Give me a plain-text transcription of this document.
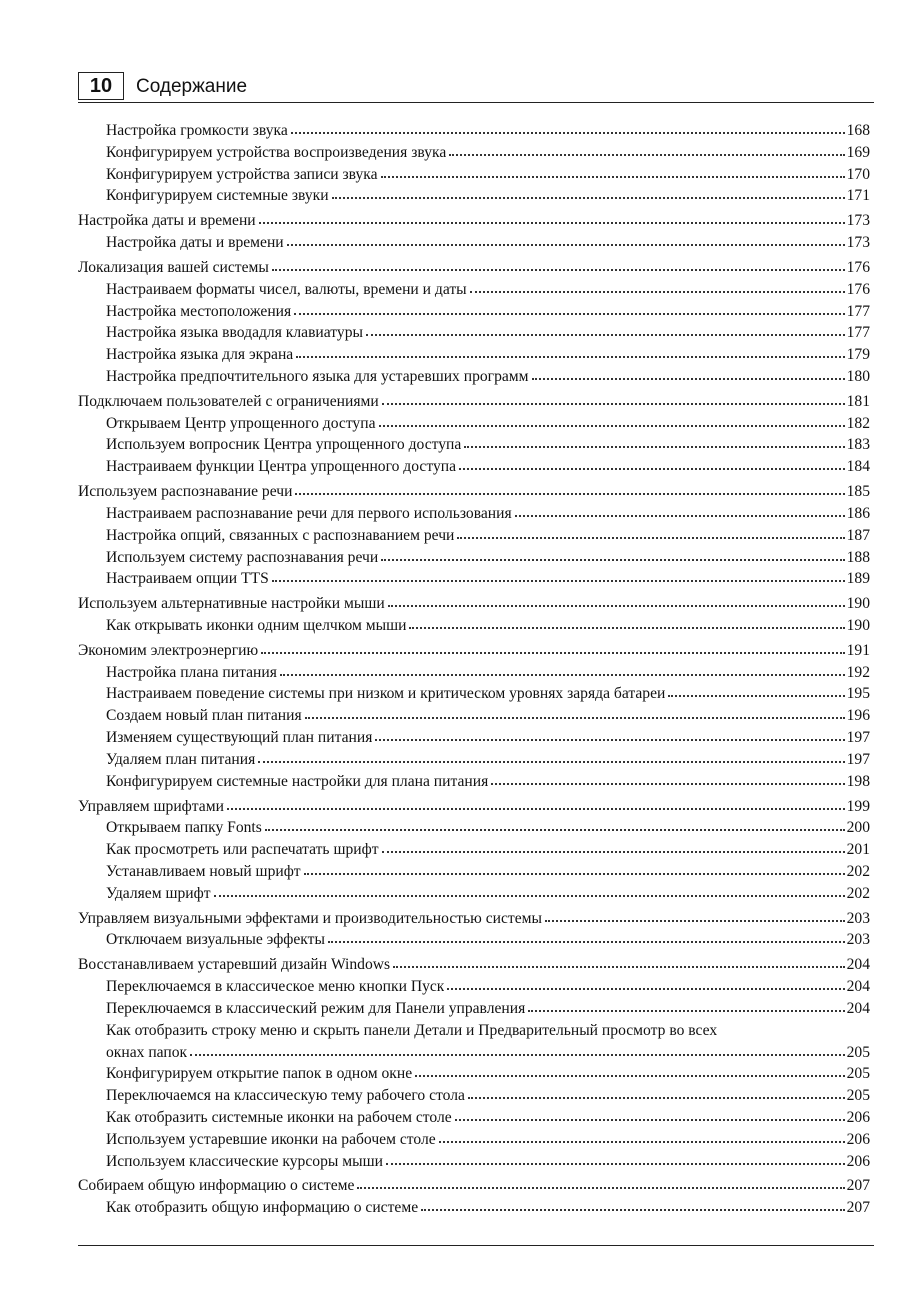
10	Содержание
Настройка громкости звука	168
Конфигурируем устройства воспроизведения звука	169
Конфигурируем устройства записи звука	170
Конфигурируем системные звуки	171
Настройка даты и времени	173
Настройка даты и времени	173
Локализация вашей системы	176
Настраиваем форматы чисел, валюты, времени и даты	176
Настройка местоположения	177
Настройка языка вводадля клавиатуры	177
Настройка языка для экрана	179
Настройка предпочтительного языка для устаревших программ	180
Подключаем пользователей с ограничениями	181
Открываем Центр упрощенного доступа	182
Используем вопросник Центра упрощенного доступа	183
Настраиваем функции Центра упрощенного доступа	184
Используем распознавание речи	185
Настраиваем распознавание речи для первого использования	186
Настройка опций, связанных с распознаванием речи	187
Используем систему распознавания речи	188
Настраиваем опции TTS	189
Используем альтернативные настройки мыши	190
Как открывать иконки одним щелчком мыши	190
Экономим электроэнергию	191
Настройка плана питания	192
Настраиваем поведение системы при низком и критическом уровнях заряда батареи	195
Создаем новый план питания	196
Изменяем существующий план питания	197
Удаляем план питания	197
Конфигурируем системные настройки для плана питания	198
Управляем шрифтами	199
Открываем папку Fonts	200
Как просмотреть или распечатать шрифт	201
Устанавливаем новый шрифт	202
Удаляем шрифт	202
Управляем визуальными эффектами и производительностью системы	203
Отключаем визуальные эффекты	203
Восстанавливаем устаревший дизайн Windows	204
Переключаемся в классическое меню кнопки Пуск	204
Переключаемся в классический режим для Панели управления	204
Как отобразить строку меню и скрыть панели Детали и Предварительный просмотр во всех
окнах папок	205
Конфигурируем открытие папок в одном окне	205
Переключаемся на классическую тему рабочего стола	205
Как отобразить системные иконки на рабочем столе	206
Используем устаревшие иконки на рабочем столе	206
Используем классические курсоры мыши	206
Собираем общую информацию о системе	207
Как отобразить общую информацию о системе	207
